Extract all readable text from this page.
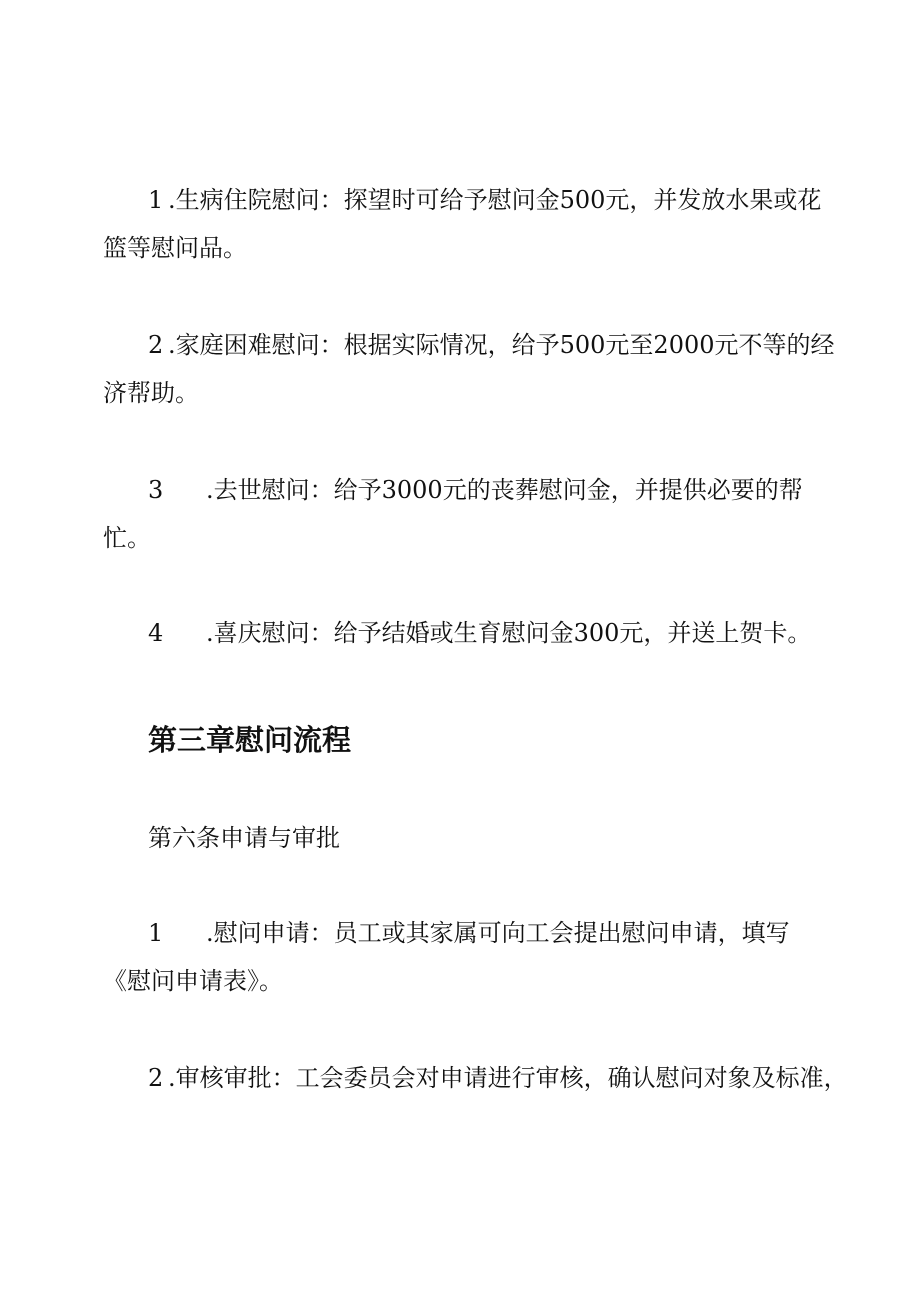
1 .生病住院慰问：探望时可给予慰问金500元，并发放水果或花
篮等慰问品。
2 .家庭困难慰问：根据实际情况，给予500元至2000元不等的经
济帮助。
3 .去世慰问：给予3000元的丧葬慰问金，并提供必要的帮
忙。
4 .喜庆慰问：给予结婚或生育慰问金300元，并送上贺卡。
第三章慰问流程
第六条申请与审批
1 .慰问申请：员工或其家属可向工会提出慰问申请，填写
《慰问申请表》。
2 .审核审批：工会委员会对申请进行审核，确认慰问对象及标准，
